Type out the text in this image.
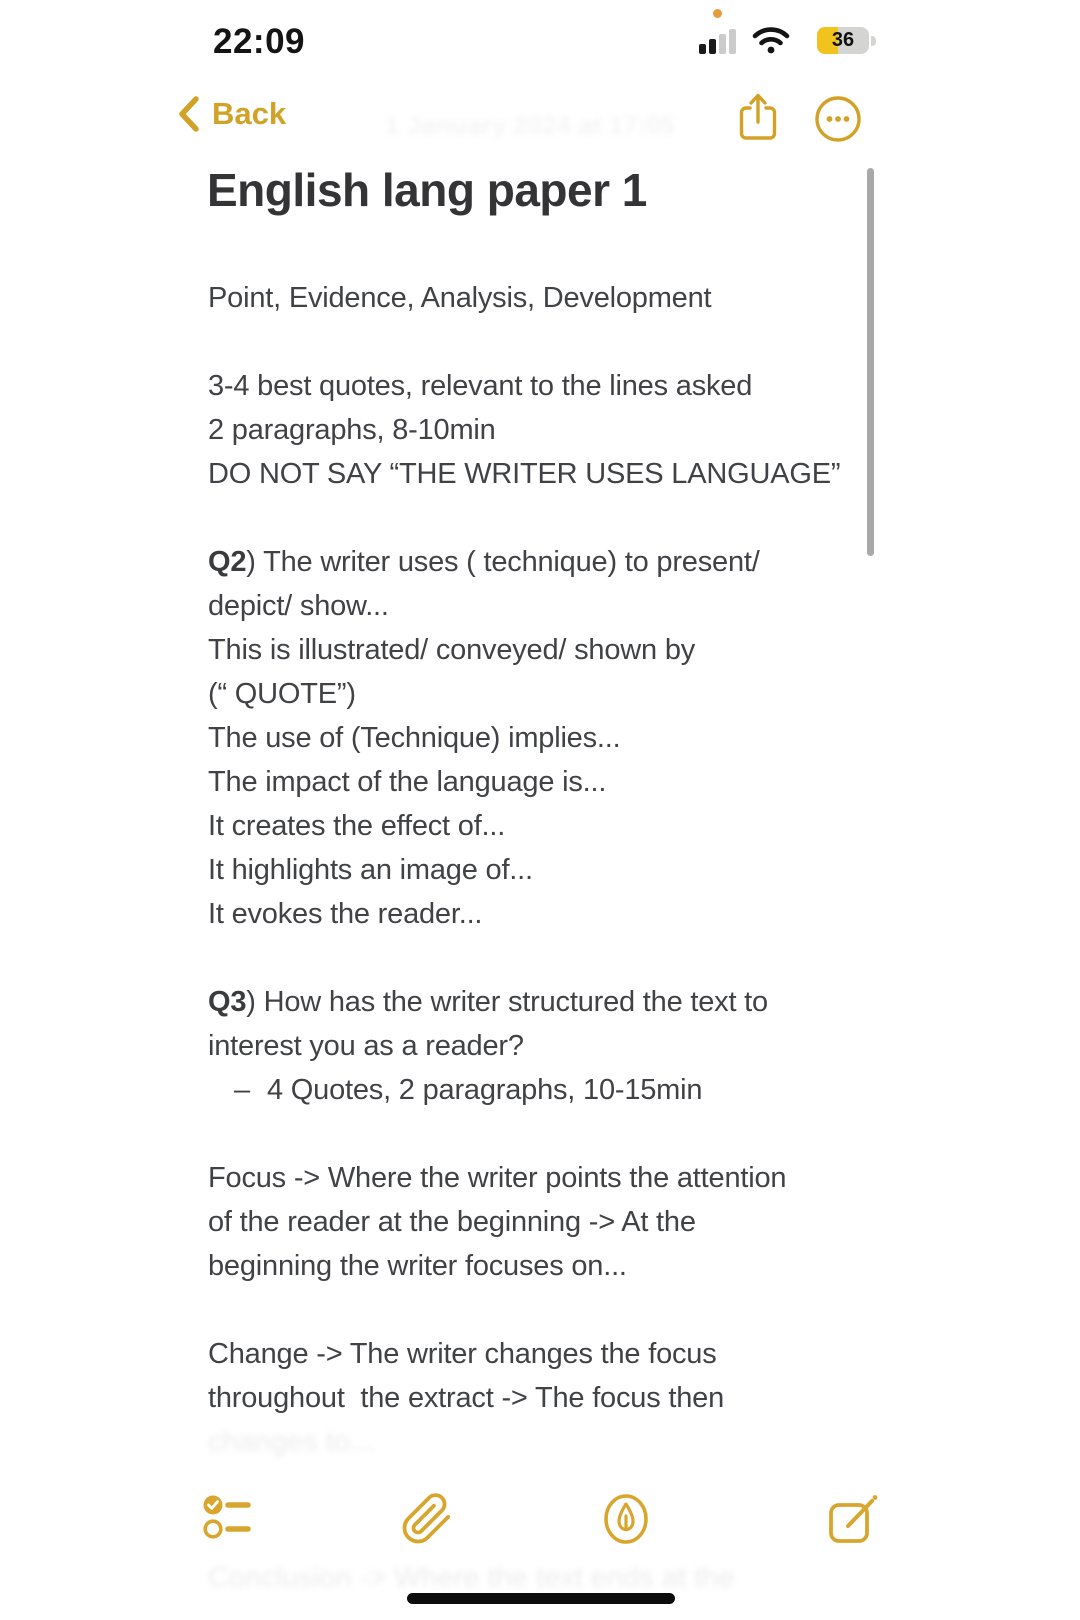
22:09	36
Back	1 January 2024 at 17:05
English lang paper 1
Point, Evidence, Analysis, Development
3-4 best quotes, relevant to the lines asked
2 paragraphs, 8-10min
DO NOT SAY “THE WRITER USES LANGUAGE”
Q2) The writer uses ( technique) to present/
depict/ show...
This is illustrated/ conveyed/ shown by
(“ QUOTE”)
The use of (Technique) implies...
The impact of the language is...
It creates the effect of...
It highlights an image of...
It evokes the reader...
Q3) How has the writer structured the text to
interest you as a reader?
– 4 Quotes, 2 paragraphs, 10-15min
Focus -> Where the writer points the attention
of the reader at the beginning -> At the
beginning the writer focuses on...
Change -> The writer changes the focus
throughout  the extract -> The focus then
changes to...
Conclusion -> Where the text ends at the
